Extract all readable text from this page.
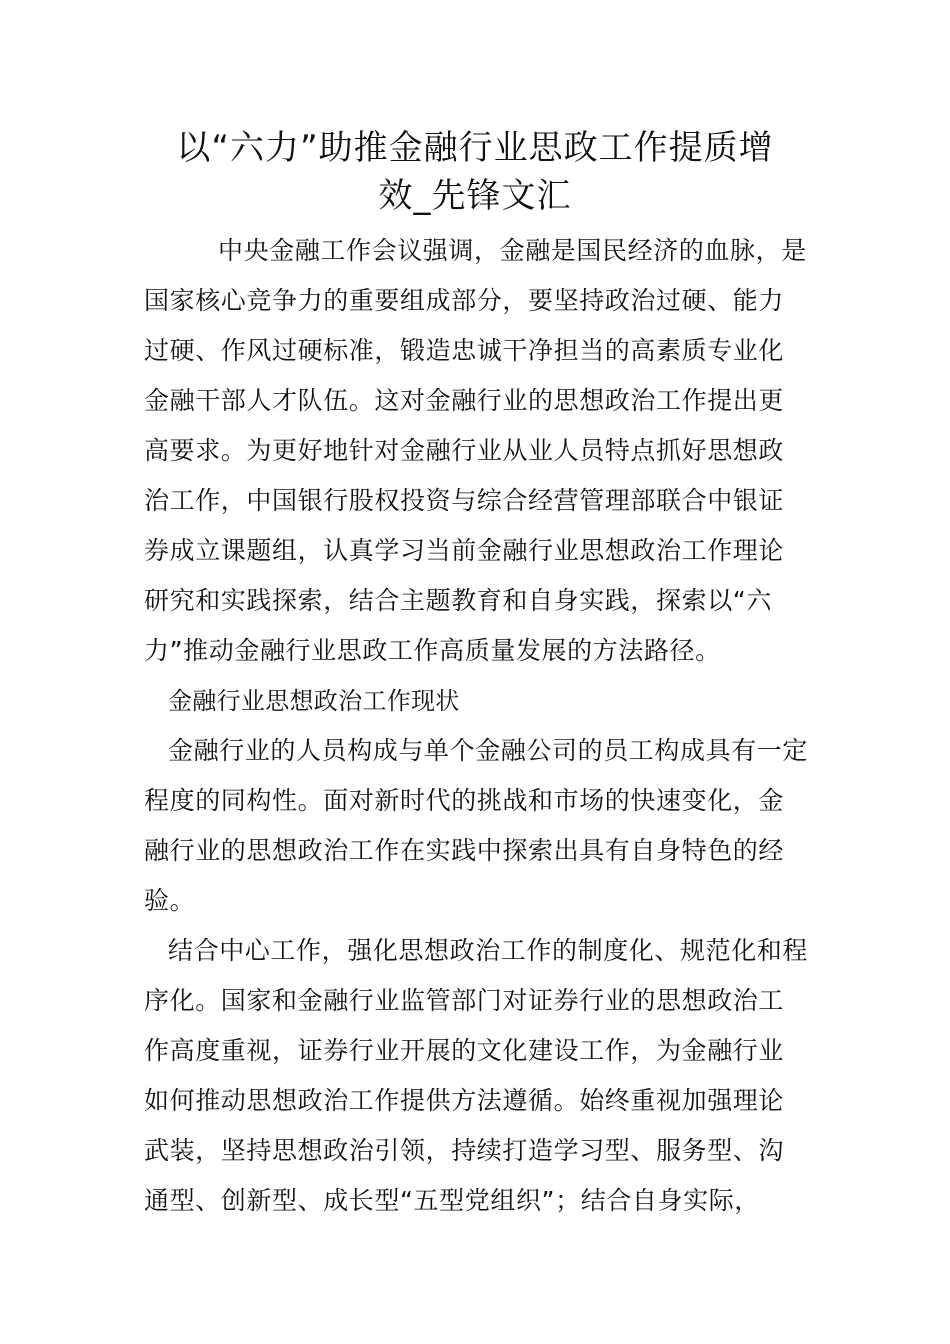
以“六力”助推金融行业思政工作提质增
效_先锋文汇
中央金融工作会议强调，金融是国民经济的血脉，是
国家核心竞争力的重要组成部分，要坚持政治过硬、能力
过硬、作风过硬标准，锻造忠诚干净担当的高素质专业化
金融干部人才队伍。这对金融行业的思想政治工作提出更
高要求。为更好地针对金融行业从业人员特点抓好思想政
治工作，中国银行股权投资与综合经营管理部联合中银证
券成立课题组，认真学习当前金融行业思想政治工作理论
研究和实践探索，结合主题教育和自身实践，探索以“六
力”推动金融行业思政工作高质量发展的方法路径。
金融行业思想政治工作现状
金融行业的人员构成与单个金融公司的员工构成具有一定
程度的同构性。面对新时代的挑战和市场的快速变化，金
融行业的思想政治工作在实践中探索出具有自身特色的经
验。
结合中心工作，强化思想政治工作的制度化、规范化和程
序化。国家和金融行业监管部门对证券行业的思想政治工
作高度重视，证券行业开展的文化建设工作，为金融行业
如何推动思想政治工作提供方法遵循。始终重视加强理论
武装，坚持思想政治引领，持续打造学习型、服务型、沟
通型、创新型、成长型“五型党组织”；结合自身实际，
